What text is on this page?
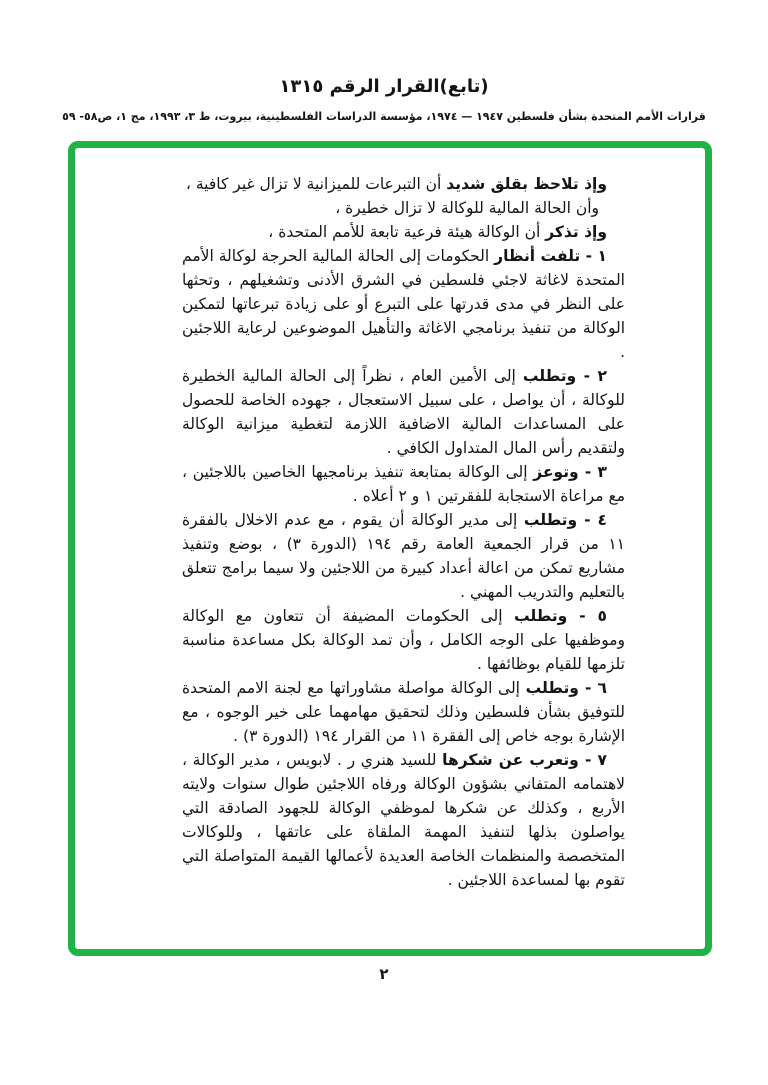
(تابع)القرار الرقم ١٣١٥
قرارات الأمم المتحدة بشأن فلسطين ١٩٤٧ — ١٩٧٤، مؤسسة الدراسات الفلسطينية، بيروت، ط ٣، ١٩٩٣، مج ١، ص٥٨- ٥٩

وإذ تلاحظ بقلق شديد أن التبرعات للميزانية لا تزال غير كافية ،

وأن الحالة المالية للوكالة لا تزال خطيرة ،

وإذ تذكر أن الوكالة هيئة فرعية تابعة للأمم المتحدة ،

١ - تلفت أنظار الحكومات إلى الحالة المالية الحرجة لوكالة الأمم المتحدة لاغاثة لاجئي فلسطين في الشرق الأدنى وتشغيلهم ، وتحثها على النظر في مدى قدرتها على التبرع أو على زيادة تبرعاتها لتمكين الوكالة من تنفيذ برنامجي الاغاثة والتأهيل الموضوعين لرعاية اللاجئين .

٢ - وتطلب إلى الأمين العام ، نظراً إلى الحالة المالية الخطيرة للوكالة ، أن يواصل ، على سبيل الاستعجال ، جهوده الخاصة للحصول على المساعدات المالية الاضافية اللازمة لتغطية ميزانية الوكالة ولتقديم رأس المال المتداول الكافي .

٣ - وتوعز إلى الوكالة بمتابعة تنفيذ برنامجيها الخاصين باللاجئين ، مع مراعاة الاستجابة للفقرتين ١ و ٢ أعلاه .

٤ - وتطلب إلى مدير الوكالة أن يقوم ، مع عدم الاخلال بالفقرة ١١ من قرار الجمعية العامة رقم ١٩٤ (الدورة ٣) ، بوضع وتنفيذ مشاريع تمكن من اعالة أعداد كبيرة من اللاجئين ولا سيما برامج تتعلق بالتعليم والتدريب المهني .

٥ - وتطلب إلى الحكومات المضيفة أن تتعاون مع الوكالة وموظفيها على الوجه الكامل ، وأن تمد الوكالة بكل مساعدة مناسبة تلزمها للقيام بوظائفها .

٦ - وتطلب إلى الوكالة مواصلة مشاوراتها مع لجنة الامم المتحدة للتوفيق بشأن فلسطين وذلك لتحقيق مهامهما على خير الوجوه ، مع الإشارة بوجه خاص إلى الفقرة ١١ من القرار ١٩٤ (الدورة ٣) .

٧ - وتعرب عن شكرها للسيد هنري ر . لابويس ، مدير الوكالة ، لاهتمامه المتفاني بشؤون الوكالة ورفاه اللاجئين طوال سنوات ولايته الأربع ، وكذلك عن شكرها لموظفي الوكالة للجهود الصادقة التي يواصلون بذلها لتنفيذ المهمة الملقاة على عاتقها ، وللوكالات المتخصصة والمنظمات الخاصة العديدة لأعمالها القيمة المتواصلة التي تقوم بها لمساعدة اللاجئين .

٢
